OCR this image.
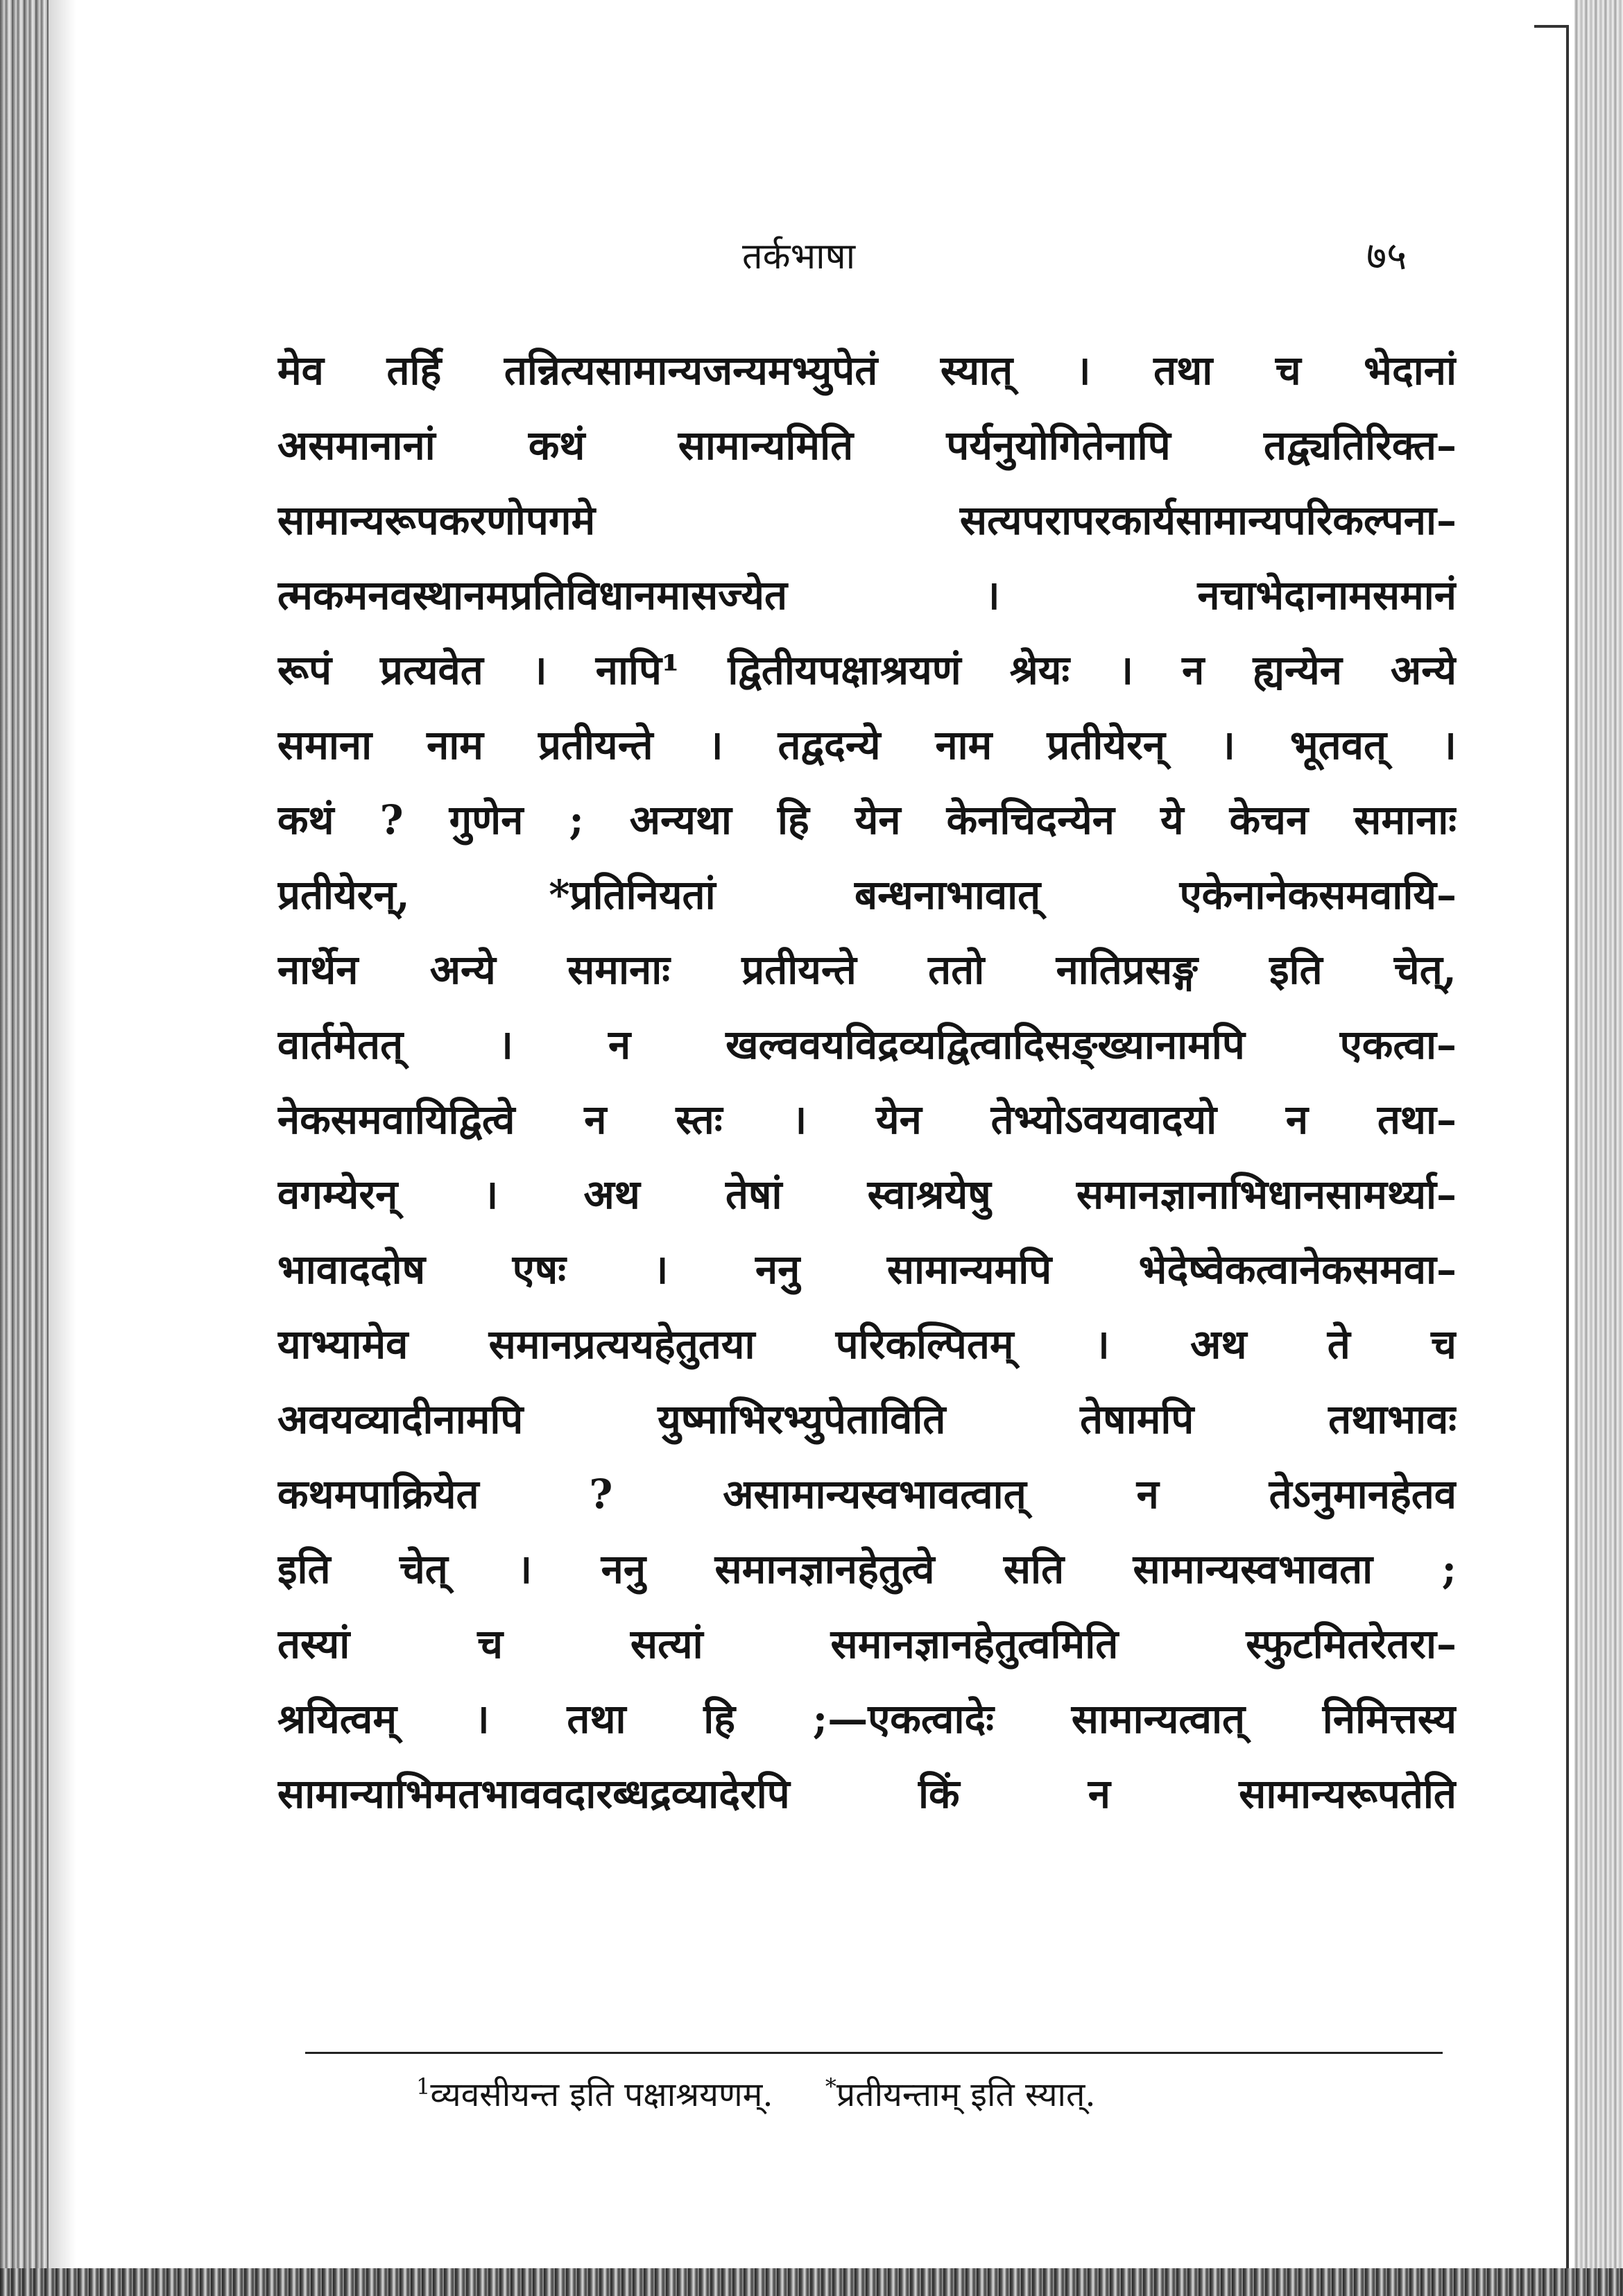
तर्कभाषा	७५
मेव तर्हि तन्नित्यसामान्यजन्यमभ्युपेतं स्यात् । तथा च भेदानां
असमानानां कथं सामान्यमिति पर्यनुयोगितेनापि तद्व्यतिरिक्त–
सामान्यरूपकरणोपगमे सत्यपरापरकार्यसामान्यपरिकल्पना–
त्मकमनवस्थानमप्रतिविधानमासज्येत । नचाभेदानामसमानं
रूपं प्रत्यवेत । नापि¹ द्वितीयपक्षाश्रयणं श्रेयः । न ह्यन्येन अन्ये
समाना नाम प्रतीयन्ते । तद्वदन्ये नाम प्रतीयेरन् । भूतवत् ।
कथं ? गुणेन ; अन्यथा हि येन केनचिदन्येन ये केचन समानाः
प्रतीयेरन्, *प्रतिनियतां बन्धनाभावात् एकेनानेकसमवायि–
नार्थेन अन्ये समानाः प्रतीयन्ते ततो नातिप्रसङ्ग इति चेत्,
वार्तमेतत् । न खल्ववयविद्रव्यद्वित्वादिसङ्ख्यानामपि एकत्वा–
नेकसमवायिद्वित्वे न स्तः । येन तेभ्योऽवयवादयो न तथा–
वगम्येरन् । अथ तेषां स्वाश्रयेषु समानज्ञानाभिधानसामर्थ्या–
भावाददोष एषः । ननु सामान्यमपि भेदेष्वेकत्वानेकसमवा–
याभ्यामेव समानप्रत्ययहेतुतया परिकल्पितम् । अथ ते च
अवयव्यादीनामपि युष्माभिरभ्युपेताविति तेषामपि तथाभावः
कथमपाक्रियेत ? असामान्यस्वभावत्वात् न तेऽनुमानहेतव
इति चेत् । ननु समानज्ञानहेतुत्वे सति सामान्यस्वभावता ;
तस्यां च सत्यां समानज्ञानहेतुत्वमिति स्फुटमितरेतरा–
श्रयित्वम् । तथा हि ;—एकत्वादेः सामान्यत्वात् निमित्तस्य
सामान्याभिमतभाववदारब्धद्रव्यादेरपि किं न सामान्यरूपतेति
$^1$व्यवसीयन्त इति पक्षाश्रयणम्. *प्रतीयन्ताम् इति स्यात्.
